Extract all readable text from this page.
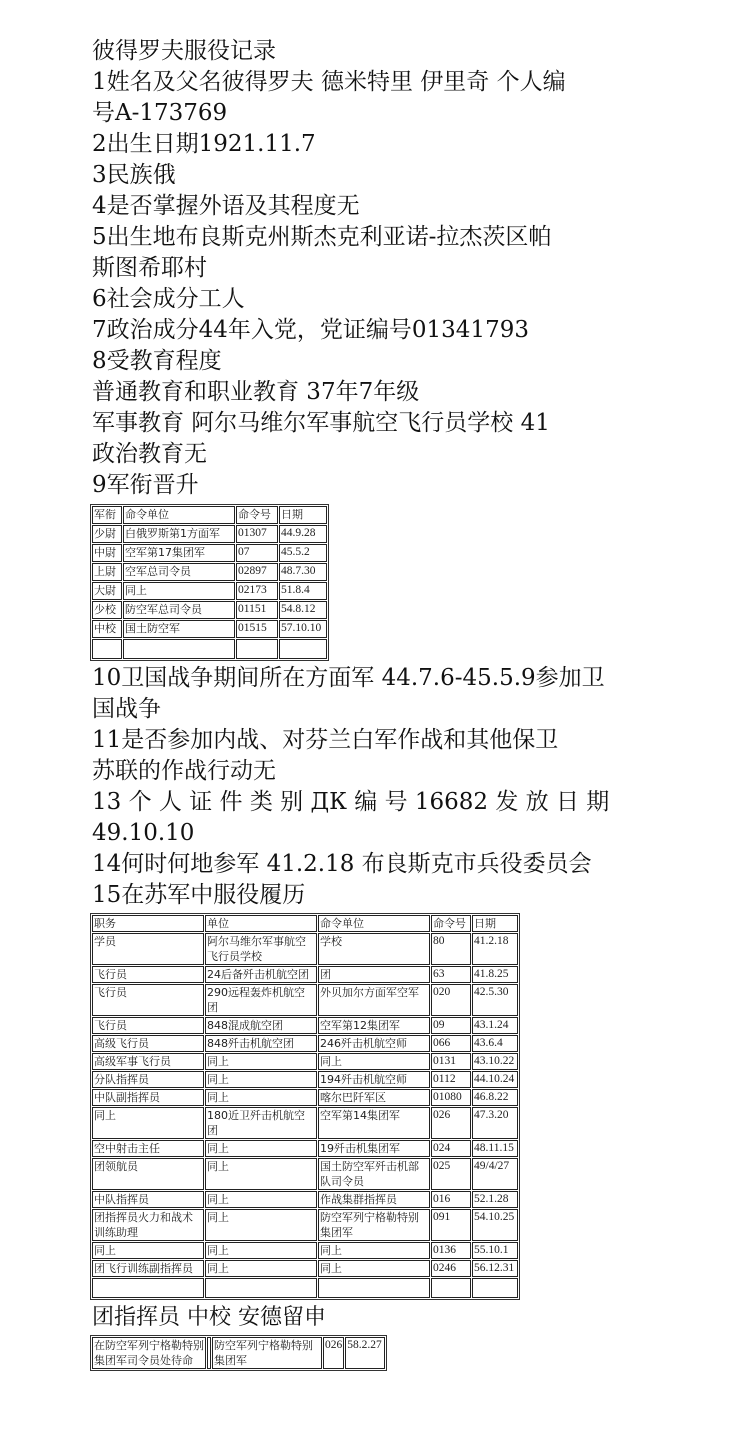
彼得罗夫服役记录
1姓名及父名彼得罗夫 德米特里 伊里奇 个人编
号A-173769
2出生日期1921.11.7
3民族俄
4是否掌握外语及其程度无
5出生地布良斯克州斯杰克利亚诺-拉杰茨区帕
斯图希耶村
6社会成分工人
7政治成分44年入党，党证编号01341793
8受教育程度
普通教育和职业教育 37年7年级
军事教育 阿尔马维尔军事航空飞行员学校 41
政治教育无
9军衔晋升
军衔	命令单位	命令号	日期
少尉	白俄罗斯第1方面军	01307	44.9.28
中尉	空军第17集团军	07	45.5.2
上尉	空军总司令员	02897	48.7.30
大尉	同上	02173	51.8.4
少校	防空军总司令员	01151	54.8.12
中校	国土防空军	01515	57.10.10

10卫国战争期间所在方面军 44.7.6-45.5.9参加卫
国战争
11是否参加内战、对芬兰白军作战和其他保卫
苏联的作战行动无
13 个 人 证 件 类 别 ДК 编 号 16682 发 放 日 期
49.10.10
14何时何地参军 41.2.18 布良斯克市兵役委员会
15在苏军中服役履历
职务	单位	命令单位	命令号	日期
学员	阿尔马维尔军事航空飞行员学校	学校	80	41.2.18
飞行员	24后备歼击机航空团	团	63	41.8.25
飞行员	290远程轰炸机航空团	外贝加尔方面军空军	020	42.5.30
飞行员	848混成航空团	空军第12集团军	09	43.1.24
高级飞行员	848歼击机航空团	246歼击机航空师	066	43.6.4
高级军事飞行员	同上	同上	0131	43.10.22
分队指挥员	同上	194歼击机航空师	0112	44.10.24
中队副指挥员	同上	喀尔巴阡军区	01080	46.8.22
同上	180近卫歼击机航空团	空军第14集团军	026	47.3.20
空中射击主任	同上	19歼击机集团军	024	48.11.15
团领航员	同上	国土防空军歼击机部队司令员	025	49/4/27
中队指挥员	同上	作战集群指挥员	016	52.1.28
团指挥员火力和战术训练助理	同上	防空军列宁格勒特别集团军	091	54.10.25
同上	同上	同上	0136	55.10.1
团飞行训练副指挥员	同上	同上	0246	56.12.31

团指挥员 中校 安德留申
在防空军列宁格勒特别集团军司令员处待命		防空军列宁格勒特别集团军	026	58.2.27
